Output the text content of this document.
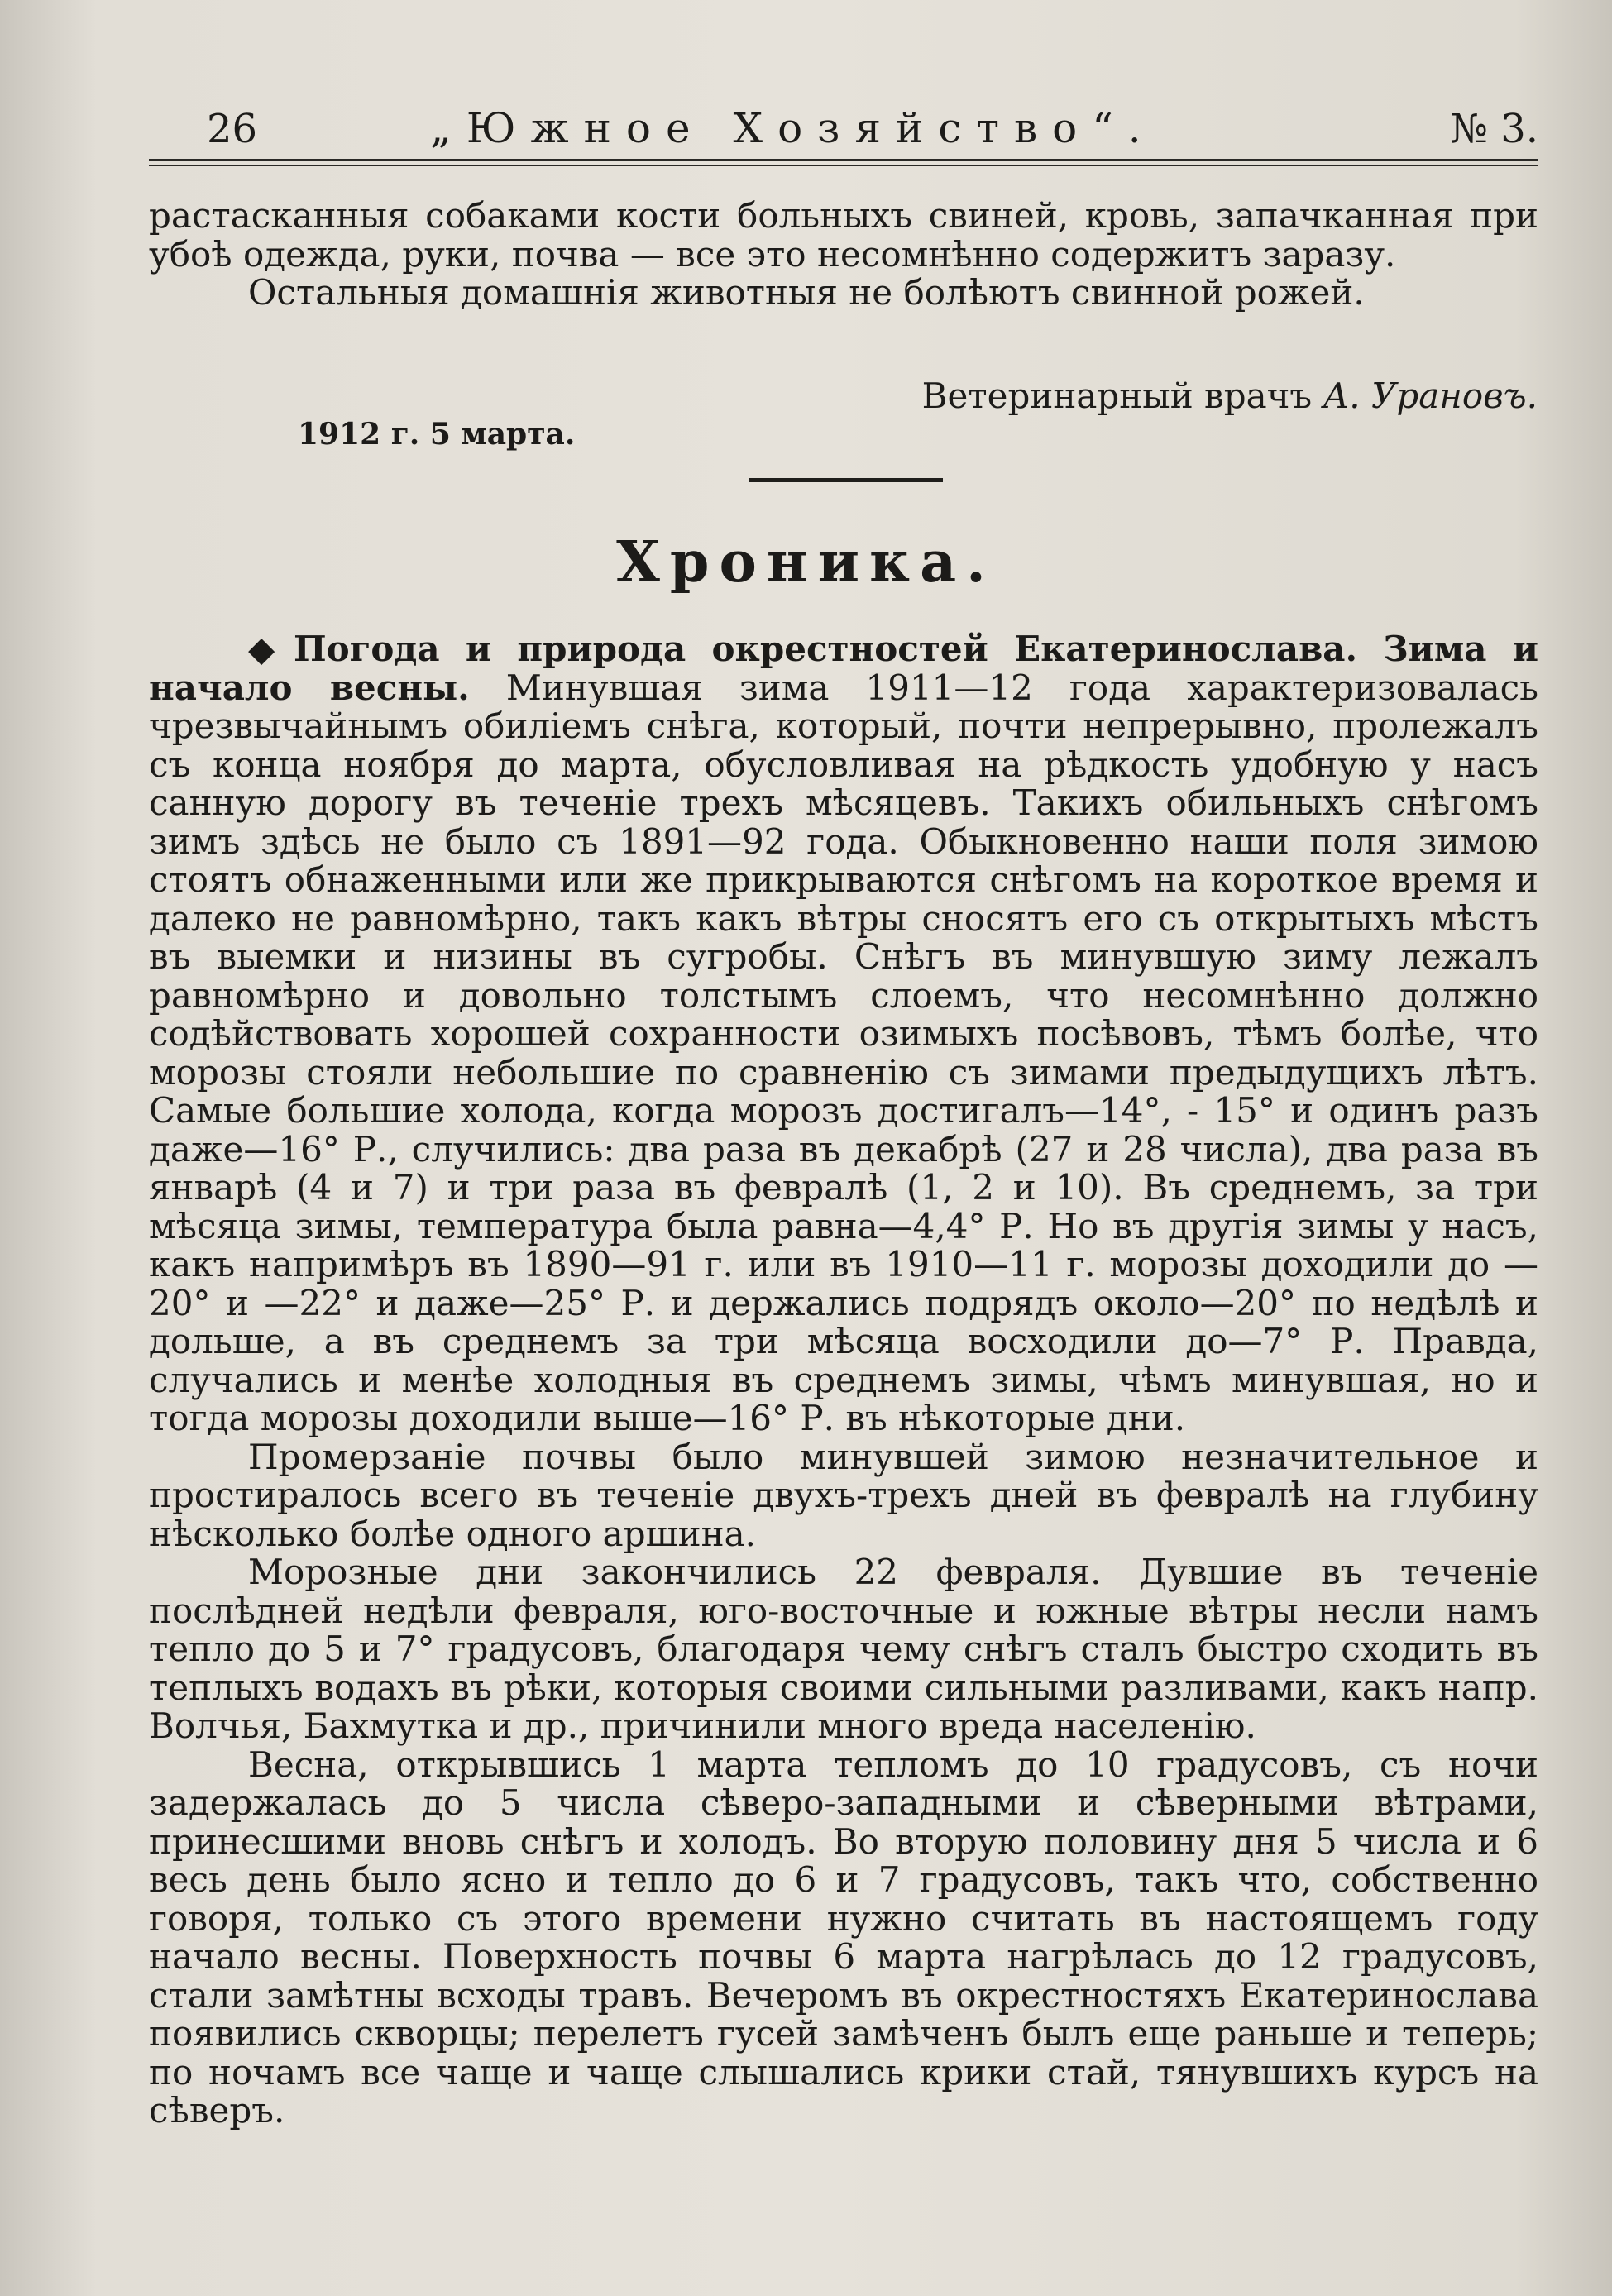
26	„Южное Хозяйство“.	№ 3.

растасканныя собаками кости больныхъ свиней, кровь, запачканная при убоѣ одежда, руки, почва — все это несомнѣнно содержитъ заразу.

Остальныя домашнія животныя не болѣютъ свинной рожей.

Ветеринарный врачъ А. Урановъ.
1912 г. 5 марта.
Хроника.

◆ Погода и природа окрестностей Екатеринослава. Зима и начало весны. Минувшая зима 1911—12 года характеризовалась чрезвычайнымъ обиліемъ снѣга, который, почти непрерывно, пролежалъ съ конца ноября до марта, обусловливая на рѣдкость удобную у насъ санную дорогу въ теченіе трехъ мѣсяцевъ. Такихъ обильныхъ снѣгомъ зимъ здѣсь не было съ 1891—92 года. Обыкновенно наши поля зимою стоятъ обнаженными или же прикрываются снѣгомъ на короткое время и далеко не равномѣрно, такъ какъ вѣтры сносятъ его съ открытыхъ мѣстъ въ выемки и низины въ сугробы. Снѣгъ въ минувшую зиму лежалъ равномѣрно и довольно толстымъ слоемъ, что несомнѣнно должно содѣйствовать хорошей сохранности озимыхъ посѣвовъ, тѣмъ болѣе, что морозы стояли небольшие по сравненію съ зимами предыдущихъ лѣтъ. Самые большие холода, когда морозъ достигалъ—14°, - 15° и одинъ разъ даже—16° Р., случились: два раза въ декабрѣ (27 и 28 числа), два раза въ январѣ (4 и 7) и три раза въ февралѣ (1, 2 и 10). Въ среднемъ, за три мѣсяца зимы, температура была равна—4,4° Р. Но въ другія зимы у насъ, какъ напримѣръ въ 1890—91 г. или въ 1910—11 г. морозы доходили до —20° и —22° и даже—25° Р. и держались подрядъ около—20° по недѣлѣ и дольше, а въ среднемъ за три мѣсяца восходили до—7° Р. Правда, случались и менѣе холодныя въ среднемъ зимы, чѣмъ минувшая, но и тогда морозы доходили выше—16° Р. въ нѣкоторые дни.

Промерзаніе почвы было минувшей зимою незначительное и простиралось всего въ теченіе двухъ-трехъ дней въ февралѣ на глубину нѣсколько болѣе одного аршина.

Морозные дни закончились 22 февраля. Дувшие въ теченіе послѣдней недѣли февраля, юго-восточные и южные вѣтры несли намъ тепло до 5 и 7° градусовъ, благодаря чему снѣгъ сталъ быстро сходить въ теплыхъ водахъ въ рѣки, которыя своими сильными разливами, какъ напр. Волчья, Бахмутка и др., причинили много вреда населенію.

Весна, открывшись 1 марта тепломъ до 10 градусовъ, съ ночи задержалась до 5 числа сѣверо-западными и сѣверными вѣтрами, принесшими вновь снѣгъ и холодъ. Во вторую половину дня 5 числа и 6 весь день было ясно и тепло до 6 и 7 градусовъ, такъ что, собственно говоря, только съ этого времени нужно считать въ настоящемъ году начало весны. Поверхность почвы 6 марта нагрѣлась до 12 градусовъ, стали замѣтны всходы травъ. Вечеромъ въ окрестностяхъ Екатеринослава появились скворцы; перелетъ гусей замѣченъ былъ еще раньше и теперь; по ночамъ все чаще и чаще слышались крики стай, тянувшихъ курсъ на сѣверъ.
